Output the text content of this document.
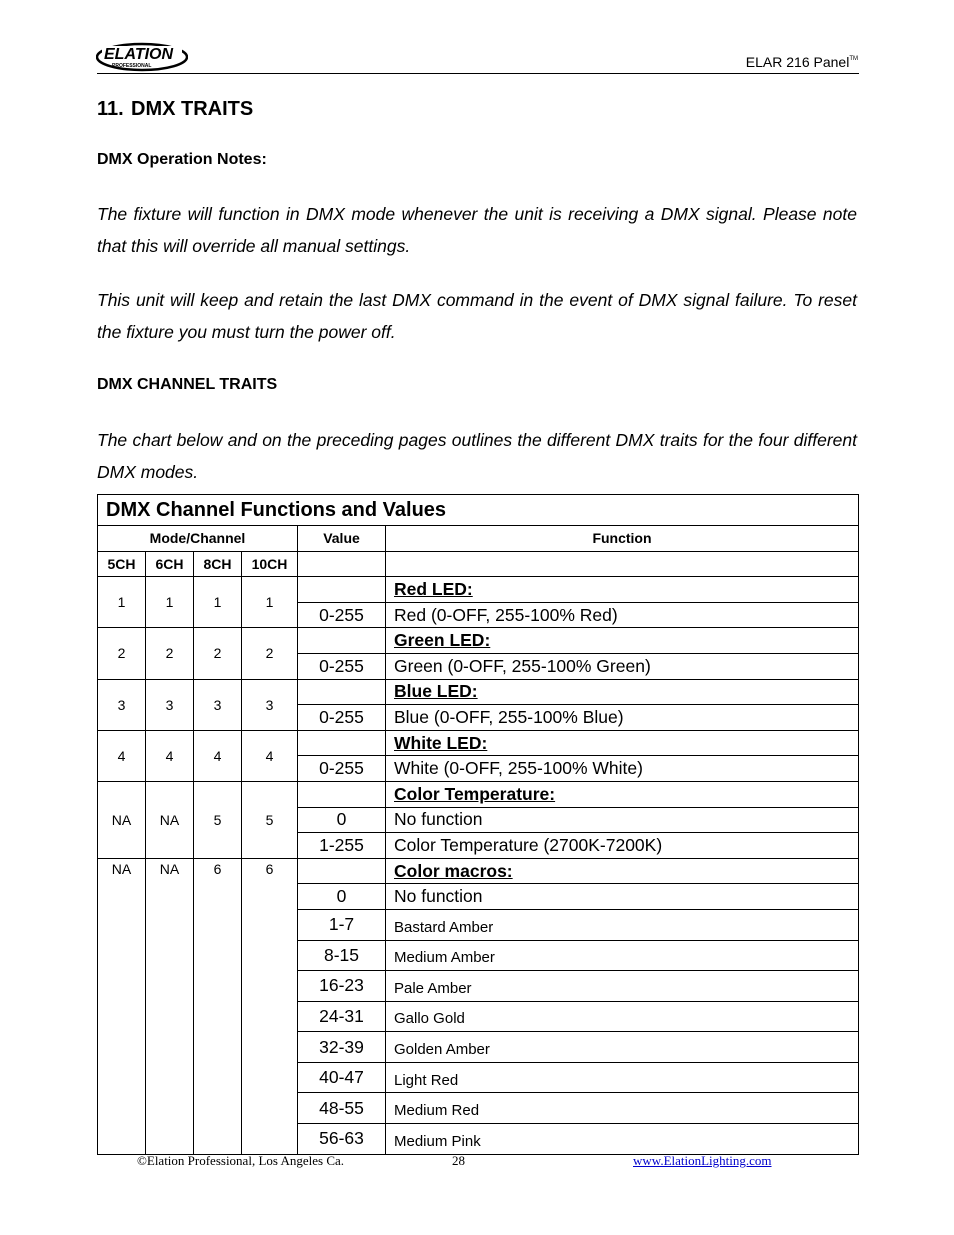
ELATION
PROFESSIONAL	ELAR 216 Panel™
11. DMX TRAITS
DMX Operation Notes:

The fixture will function in DMX mode whenever the unit is receiving a DMX signal. Please note that this will override all manual settings.

This unit will keep and retain the last DMX command in the event of DMX signal failure. To reset the fixture you must turn the power off.

DMX CHANNEL TRAITS

The chart below and on the preceding pages outlines the different DMX traits for the four different DMX modes.

DMX Channel Functions and Values					
Mode/Channel				Value	Function
5CH	6CH	8CH	10CH		
1	1	1	1		Red LED:
				0-255	Red (0-OFF, 255-100% Red)
2	2	2	2		Green LED:
				0-255	Green (0-OFF, 255-100% Green)
3	3	3	3		Blue LED:
				0-255	Blue (0-OFF, 255-100% Blue)
4	4	4	4		White LED:
				0-255	White (0-OFF, 255-100% White)
NA	NA	5	5		Color Temperature:
				0	No function
				1-255	Color Temperature (2700K-7200K)
NA	NA	6	6		Color macros:
				0	No function
				1-7	Bastard Amber
				8-15	Medium Amber
				16-23	Pale Amber
				24-31	Gallo Gold
				32-39	Golden Amber
				40-47	Light Red
				48-55	Medium Red
				56-63	Medium Pink
©Elation Professional, Los Angeles Ca.	28	www.ElationLighting.com
